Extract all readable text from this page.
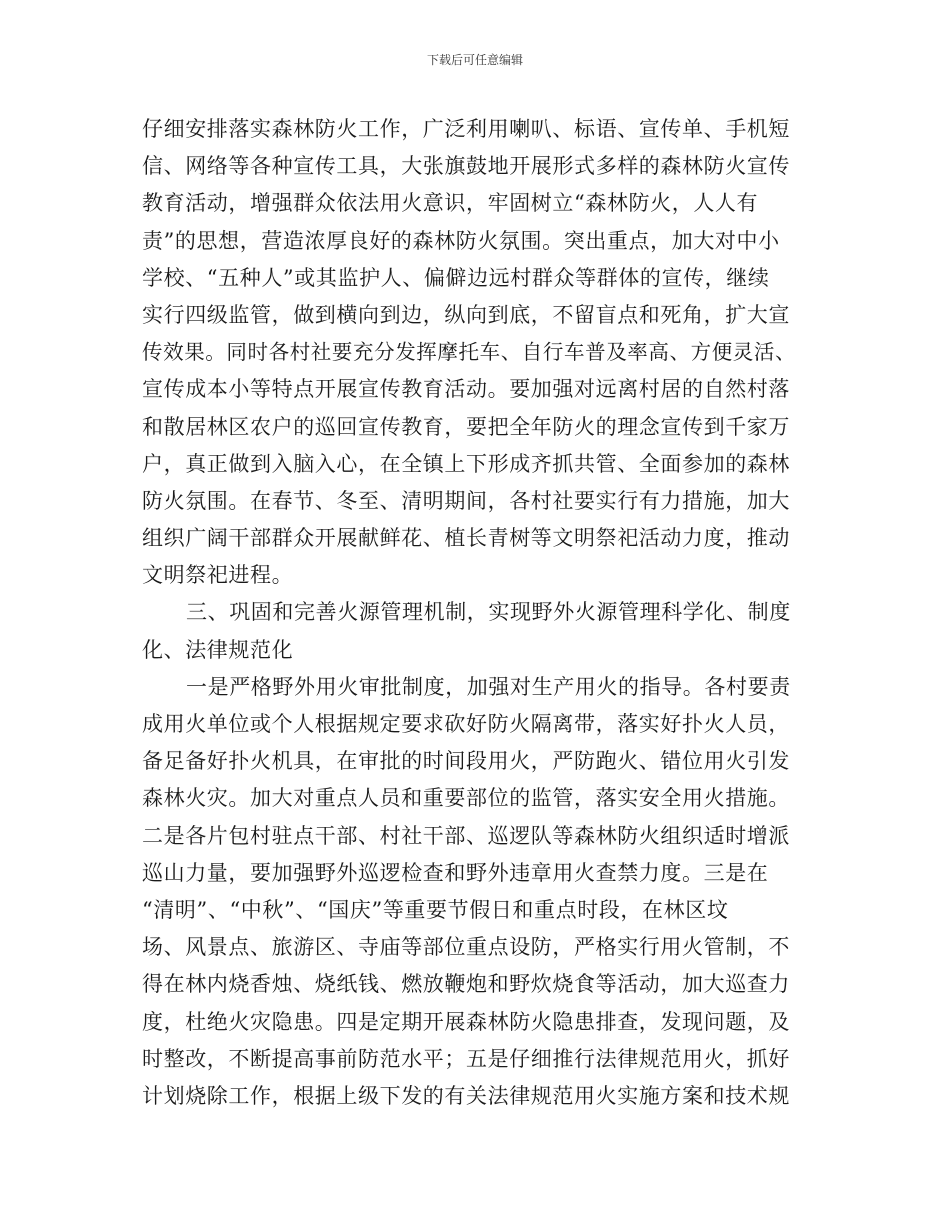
下载后可任意编辑
仔细安排落实森林防火工作，广泛利用喇叭、标语、宣传单、手机短
信、网络等各种宣传工具，大张旗鼓地开展形式多样的森林防火宣传
教育活动，增强群众依法用火意识，牢固树立“森林防火，人人有
责”的思想，营造浓厚良好的森林防火氛围。突出重点，加大对中小
学校、“五种人”或其监护人、偏僻边远村群众等群体的宣传，继续
实行四级监管，做到横向到边，纵向到底，不留盲点和死角，扩大宣
传效果。同时各村社要充分发挥摩托车、自行车普及率高、方便灵活、
宣传成本小等特点开展宣传教育活动。要加强对远离村居的自然村落
和散居林区农户的巡回宣传教育，要把全年防火的理念宣传到千家万
户，真正做到入脑入心，在全镇上下形成齐抓共管、全面参加的森林
防火氛围。在春节、冬至、清明期间，各村社要实行有力措施，加大
组织广阔干部群众开展献鲜花、植长青树等文明祭祀活动力度，推动
文明祭祀进程。
三、巩固和完善火源管理机制，实现野外火源管理科学化、制度
化、法律规范化
一是严格野外用火审批制度，加强对生产用火的指导。各村要责
成用火单位或个人根据规定要求砍好防火隔离带，落实好扑火人员，
备足备好扑火机具，在审批的时间段用火，严防跑火、错位用火引发
森林火灾。加大对重点人员和重要部位的监管，落实安全用火措施。
二是各片包村驻点干部、村社干部、巡逻队等森林防火组织适时增派
巡山力量，要加强野外巡逻检查和野外违章用火查禁力度。三是在
“清明”、“中秋”、“国庆”等重要节假日和重点时段，在林区坟
场、风景点、旅游区、寺庙等部位重点设防，严格实行用火管制，不
得在林内烧香烛、烧纸钱、燃放鞭炮和野炊烧食等活动，加大巡查力
度，杜绝火灾隐患。四是定期开展森林防火隐患排查，发现问题，及
时整改，不断提高事前防范水平；五是仔细推行法律规范用火，抓好
计划烧除工作，根据上级下发的有关法律规范用火实施方案和技术规
